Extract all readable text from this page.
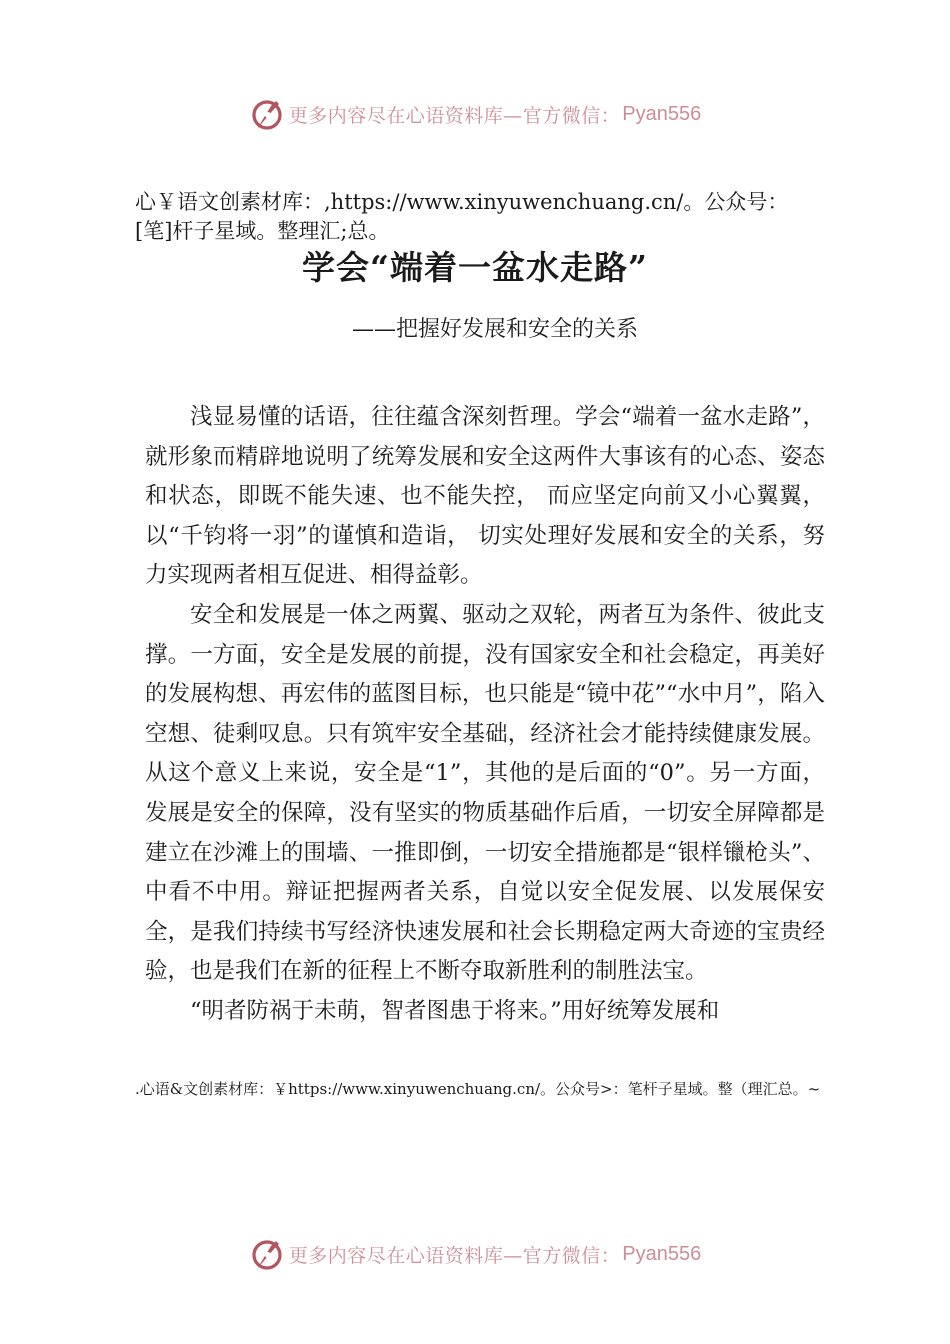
更多内容尽在心语资料库—官方微信： Pyan556
心￥语文创素材库：,https://www.xinyuwenchuang.cn/。公众号：[笔]杆子星域。整理汇;总。
学会“端着一盆水走路”
——把握好发展和安全的关系

浅显易懂的话语，往往蕴含深刻哲理。学会“端着一盆水走路”，就形象而精辟地说明了统筹发展和安全这两件大事该有的心态、姿态和状态，即既不能失速、也不能失控， 而应坚定向前又小心翼翼，以“千钧将一羽”的谨慎和造诣， 切实处理好发展和安全的关系，努力实现两者相互促进、相得益彰。

安全和发展是一体之两翼、驱动之双轮，两者互为条件、彼此支撑。一方面，安全是发展的前提，没有国家安全和社会稳定，再美好的发展构想、再宏伟的蓝图目标，也只能是“镜中花”“水中月”，陷入空想、徒剩叹息。只有筑牢安全基础，经济社会才能持续健康发展。从这个意义上来说，安全是“1”，其他的是后面的“0”。另一方面，发展是安全的保障，没有坚实的物质基础作后盾，一切安全屏障都是建立在沙滩上的围墙、一推即倒，一切安全措施都是“银样镴枪头”、中看不中用。辩证把握两者关系，自觉以安全促发展、以发展保安全，是我们持续书写经济快速发展和社会长期稳定两大奇迹的宝贵经验，也是我们在新的征程上不断夺取新胜利的制胜法宝。

“明者防祸于未萌，智者图患于将来。”用好统筹发展和

.心语&文创素材库：￥https://www.xinyuwenchuang.cn/。公众号>：笔杆子星域。整（理汇总。~
更多内容尽在心语资料库—官方微信： Pyan556
